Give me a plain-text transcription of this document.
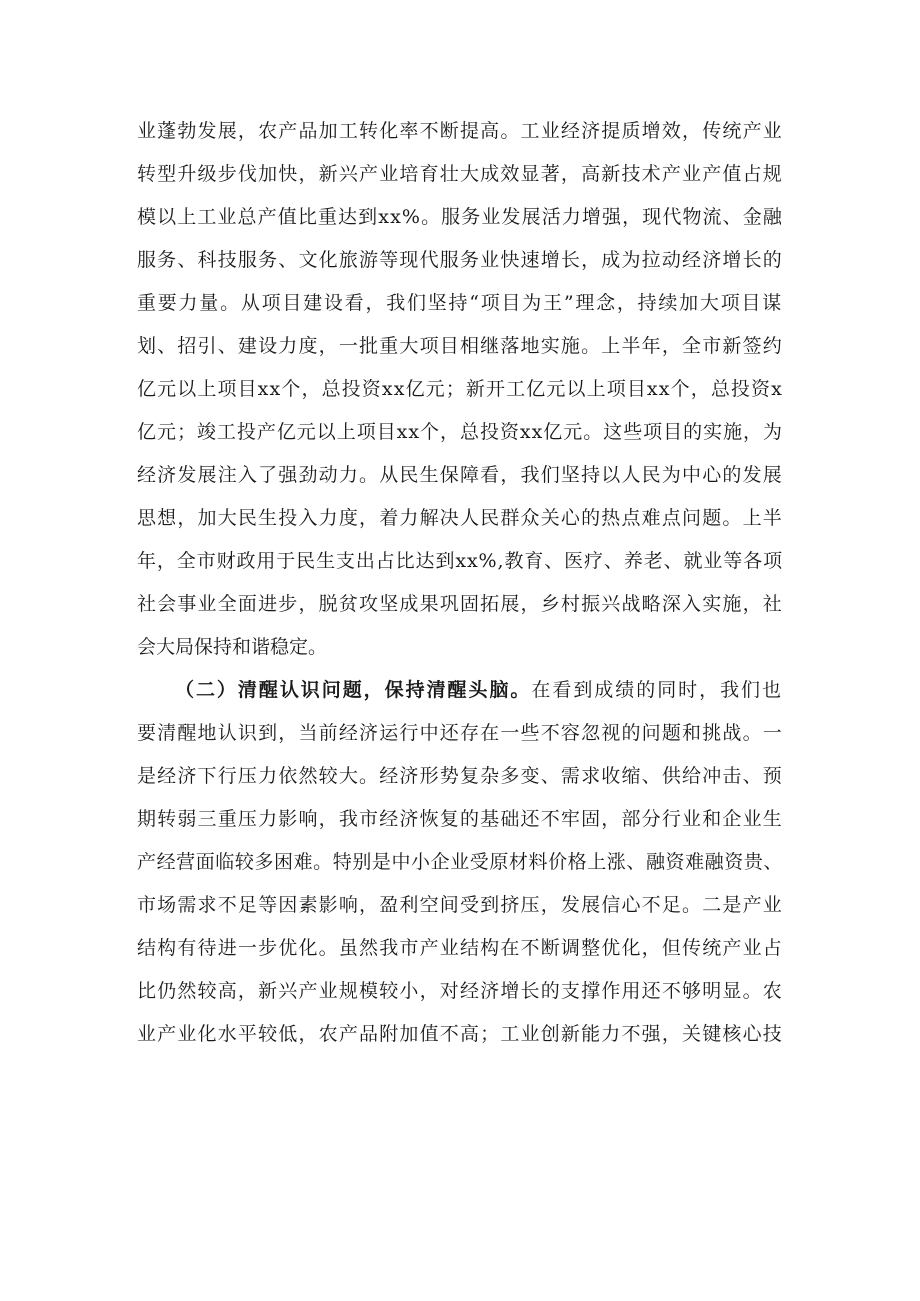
业蓬勃发展，农产品加工转化率不断提高。工业经济提质增效，传统产业
转型升级步伐加快，新兴产业培育壮大成效显著，高新技术产业产值占规
模以上工业总产值比重达到xx%。服务业发展活力增强，现代物流、金融
服务、科技服务、文化旅游等现代服务业快速增长，成为拉动经济增长的
重要力量。从项目建设看，我们坚持“项目为王”理念，持续加大项目谋
划、招引、建设力度，一批重大项目相继落地实施。上半年，全市新签约
亿元以上项目xx个，总投资xx亿元；新开工亿元以上项目xx个，总投资x
亿元；竣工投产亿元以上项目xx个，总投资xx亿元。这些项目的实施，为
经济发展注入了强劲动力。从民生保障看，我们坚持以人民为中心的发展
思想，加大民生投入力度，着力解决人民群众关心的热点难点问题。上半
年，全市财政用于民生支出占比达到xx%,教育、医疗、养老、就业等各项
社会事业全面进步，脱贫攻坚成果巩固拓展，乡村振兴战略深入实施，社
会大局保持和谐稳定。
（二）清醒认识问题，保持清醒头脑。在看到成绩的同时，我们也
要清醒地认识到，当前经济运行中还存在一些不容忽视的问题和挑战。一
是经济下行压力依然较大。经济形势复杂多变、需求收缩、供给冲击、预
期转弱三重压力影响，我市经济恢复的基础还不牢固，部分行业和企业生
产经营面临较多困难。特别是中小企业受原材料价格上涨、融资难融资贵、
市场需求不足等因素影响，盈利空间受到挤压，发展信心不足。二是产业
结构有待进一步优化。虽然我市产业结构在不断调整优化，但传统产业占
比仍然较高，新兴产业规模较小，对经济增长的支撑作用还不够明显。农
业产业化水平较低，农产品附加值不高；工业创新能力不强，关键核心技
